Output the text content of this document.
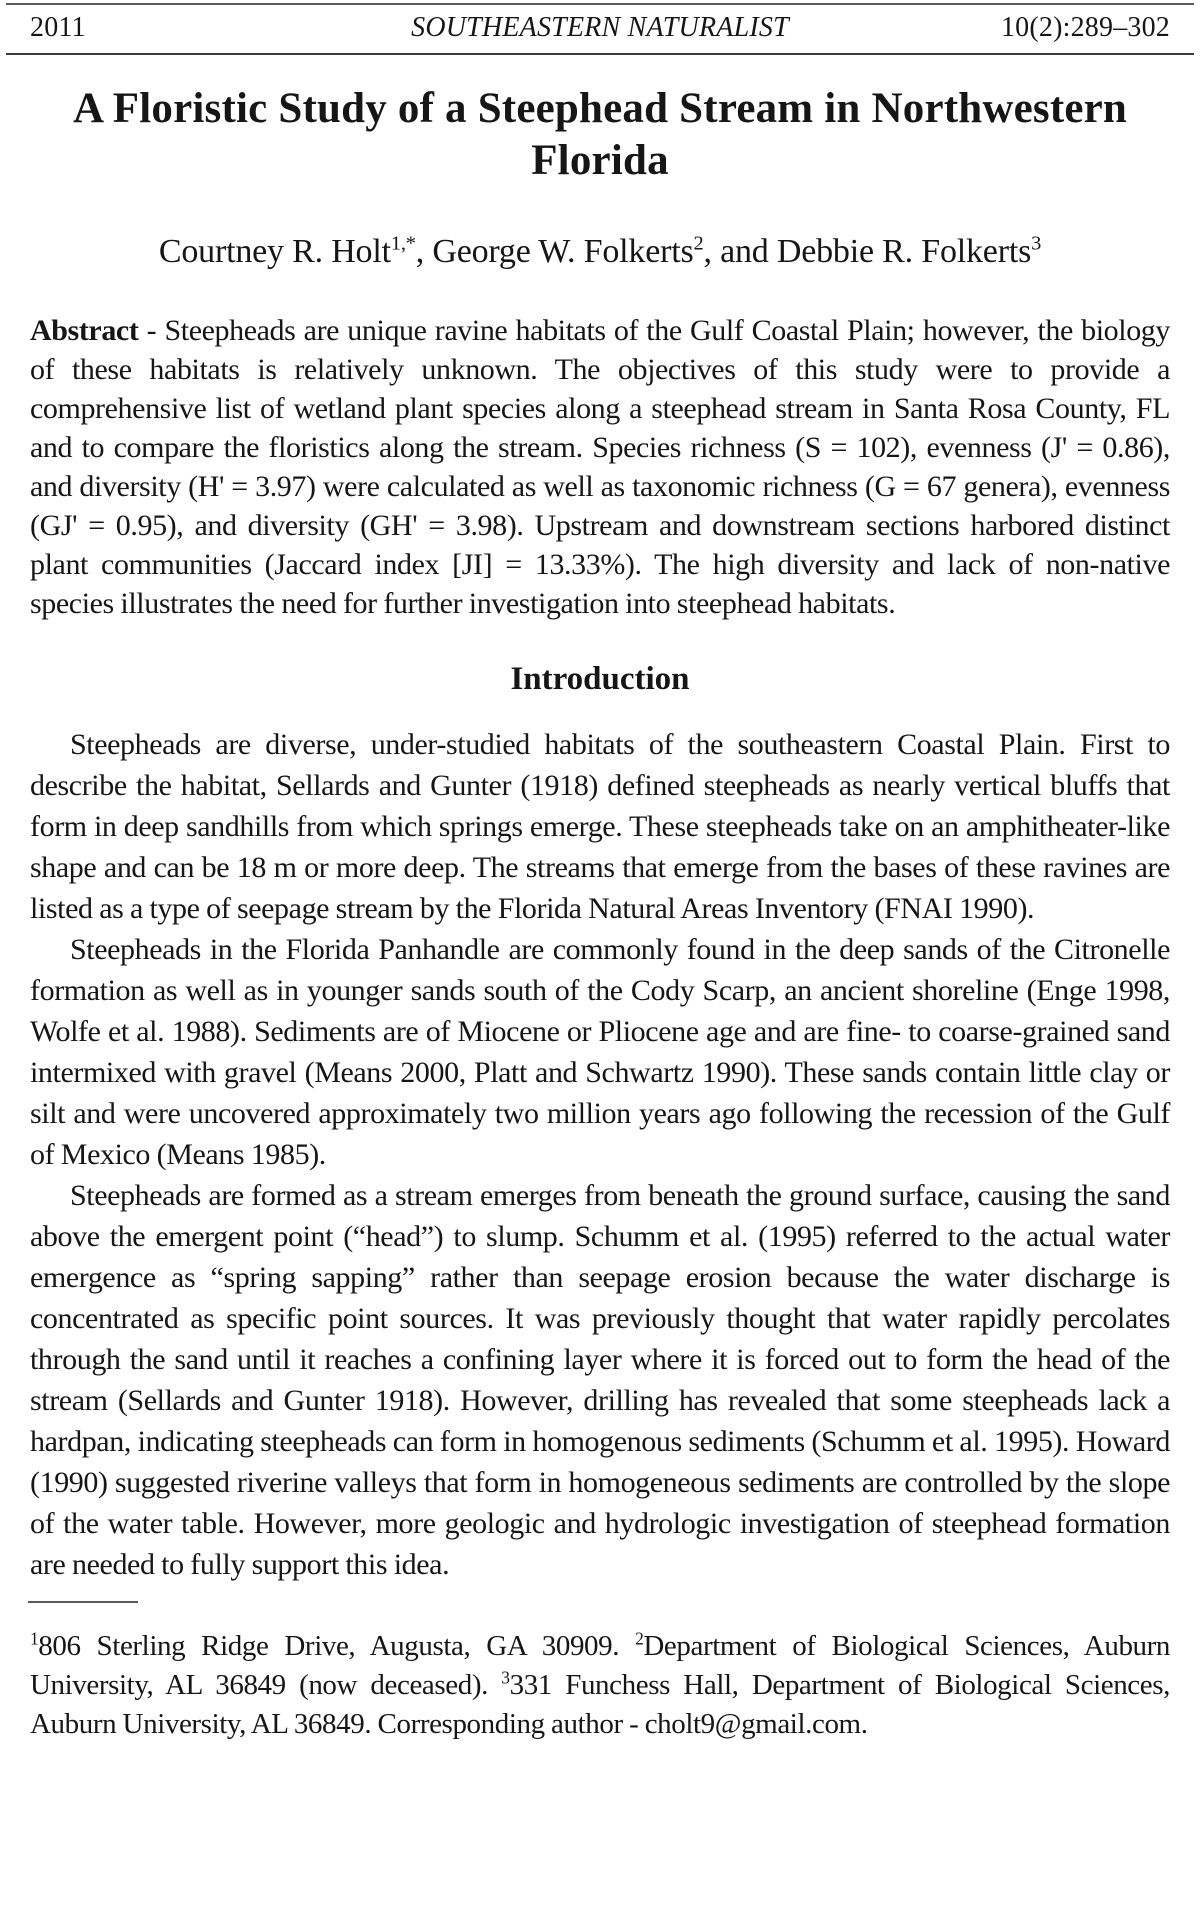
2011	SOUTHEASTERN NATURALIST	10(2):289–302
A Floristic Study of a Steephead Stream in Northwestern Florida
Courtney R. Holt$^{1,*}$, George W. Folkerts$^2$, and Debbie R. Folkerts$^3$

Abstract - Steepheads are unique ravine habitats of the Gulf Coastal Plain; however, the biology of these habitats is relatively unknown. The objectives of this study were to provide a comprehensive list of wetland plant species along a steephead stream in Santa Rosa County, FL and to compare the floristics along the stream. Species richness (S = 102), evenness (J' = 0.86), and diversity (H' = 3.97) were calculated as well as taxonomic richness (G = 67 genera), evenness (GJ' = 0.95), and diversity (GH' = 3.98). Upstream and downstream sections harbored distinct plant communities (Jaccard index [JI] = 13.33%). The high diversity and lack of non-native species illustrates the need for further investigation into steephead habitats.

Introduction

Steepheads are diverse, under-studied habitats of the southeastern Coastal Plain. First to describe the habitat, Sellards and Gunter (1918) defined steepheads as nearly vertical bluffs that form in deep sandhills from which springs emerge. These steepheads take on an amphitheater-like shape and can be 18 m or more deep. The streams that emerge from the bases of these ravines are listed as a type of seepage stream by the Florida Natural Areas Inventory (FNAI 1990).

Steepheads in the Florida Panhandle are commonly found in the deep sands of the Citronelle formation as well as in younger sands south of the Cody Scarp, an ancient shoreline (Enge 1998, Wolfe et al. 1988). Sediments are of Miocene or Pliocene age and are fine- to coarse-grained sand intermixed with gravel (Means 2000, Platt and Schwartz 1990). These sands contain little clay or silt and were uncovered approximately two million years ago following the recession of the Gulf of Mexico (Means 1985).

Steepheads are formed as a stream emerges from beneath the ground surface, causing the sand above the emergent point (“head”) to slump. Schumm et al. (1995) referred to the actual water emergence as “spring sapping” rather than seepage erosion because the water discharge is concentrated as specific point sources. It was previously thought that water rapidly percolates through the sand until it reaches a confining layer where it is forced out to form the head of the stream (Sellards and Gunter 1918). However, drilling has revealed that some steepheads lack a hardpan, indicating steepheads can form in homogenous sediments (Schumm et al. 1995). Howard (1990) suggested riverine valleys that form in homogeneous sediments are controlled by the slope of the water table. However, more geologic and hydrologic investigation of steephead formation are needed to fully support this idea.

$^1$806 Sterling Ridge Drive, Augusta, GA 30909. $^2$Department of Biological Sciences, Auburn University, AL 36849 (now deceased). $^3$331 Funchess Hall, Department of Biological Sciences, Auburn University, AL 36849. Corresponding author - cholt9@gmail.com.
